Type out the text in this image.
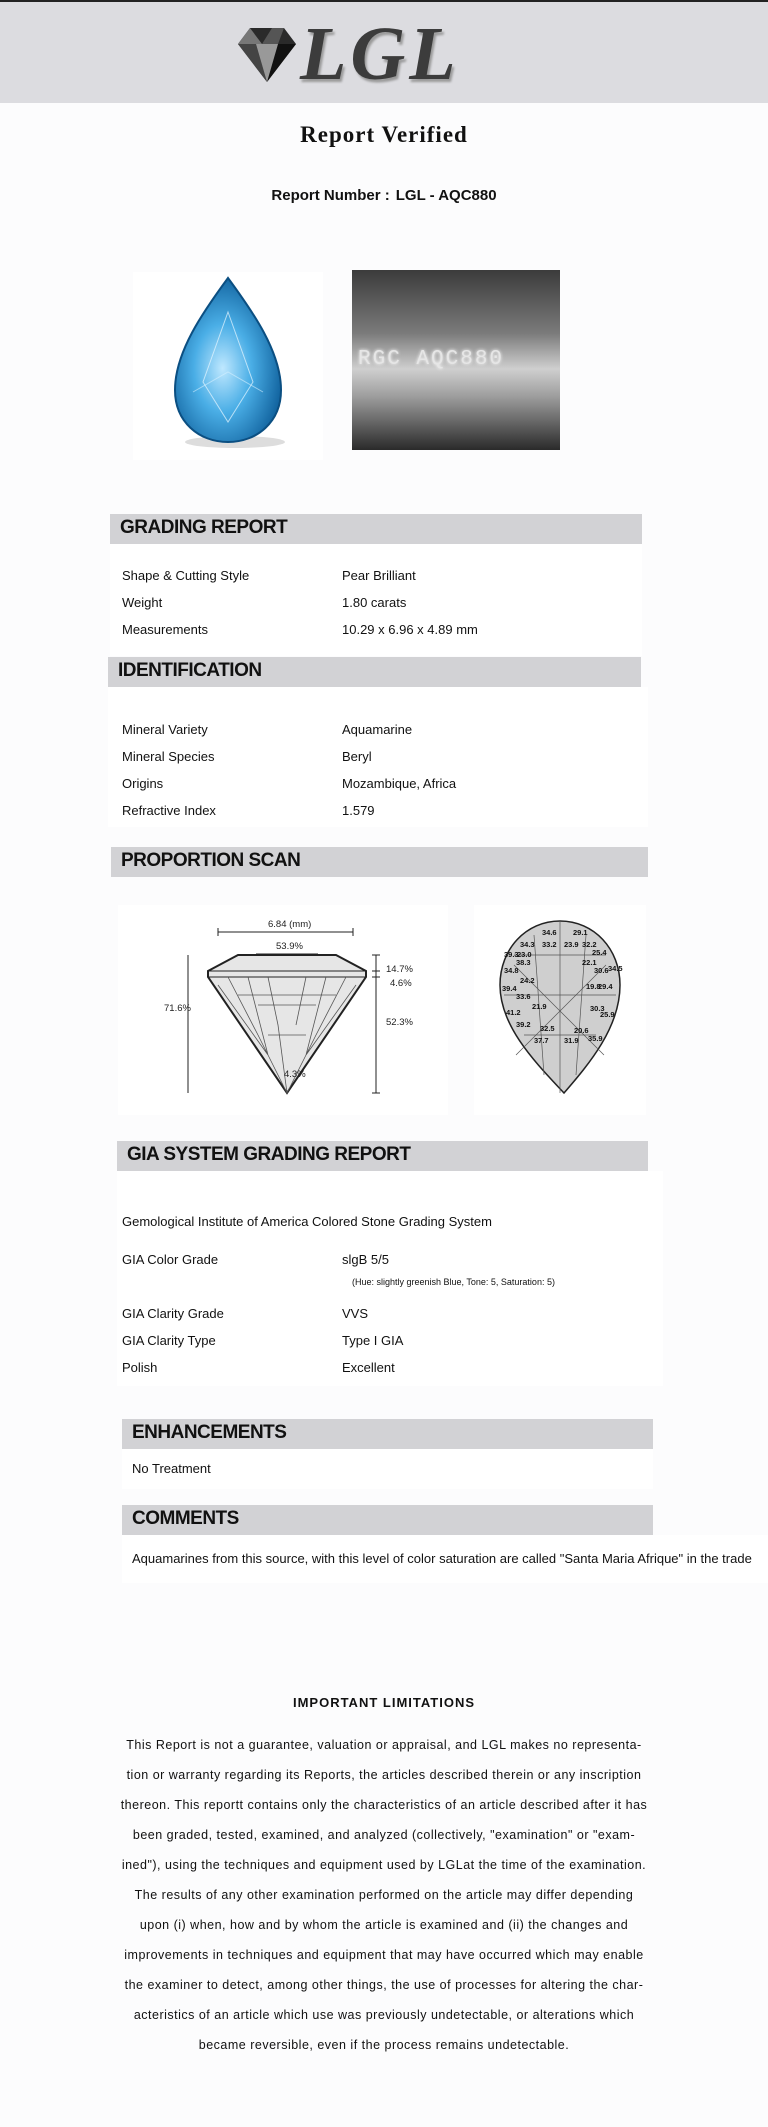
LGL
Report Verified
Report Number : LGL - AQC880
RGC AQC880
GRADING REPORT
Shape & Cutting Style	Pear Brilliant
Weight	1.80 carats
Measurements	10.29 x 6.96 x 4.89 mm
IDENTIFICATION
Mineral Variety	Aquamarine
Mineral Species	Beryl
Origins	Mozambique, Africa
Refractive Index	1.579
PROPORTION SCAN
6.84 (mm)
53.9%
71.6%
14.7%
4.6%
52.3%
4.3%
34.6 29.1
34.3 33.2 23.9 32.2
25.4
39.3
23.0
38.3	22.1
34.8	30.6 34.5
24.2
19.8
29.4
39.4
33.6
21.9	30.3
41.2	25.9
39.2 32.5	20.6
37.7 31.9 35.9
GIA SYSTEM GRADING REPORT
Gemological Institute of America Colored Stone Grading System
GIA Color Grade	slgB 5/5
(Hue: slightly greenish Blue, Tone: 5, Saturation: 5)
GIA Clarity Grade	VVS
GIA Clarity Type	Type I GIA
Polish	Excellent
ENHANCEMENTS
No Treatment
COMMENTS
Aquamarines from this source, with this level of color saturation are called "Santa Maria Afrique" in the trade
IMPORTANT LIMITATIONS
This Report is not a guarantee, valuation or appraisal, and LGL makes no representa-
tion or warranty regarding its Reports, the articles described therein or any inscription
thereon. This reportt contains only the characteristics of an article described after it has
been graded, tested, examined, and analyzed (collectively, "examination" or "exam-
ined"), using the techniques and equipment used by LGLat the time of the examination.
The results of any other examination performed on the article may differ depending
upon (i) when, how and by whom the article is examined and (ii) the changes and
improvements in techniques and equipment that may have occurred which may enable
the examiner to detect, among other things, the use of processes for altering the char-
acteristics of an article which use was previously undetectable, or alterations which
became reversible, even if the process remains undetectable.
